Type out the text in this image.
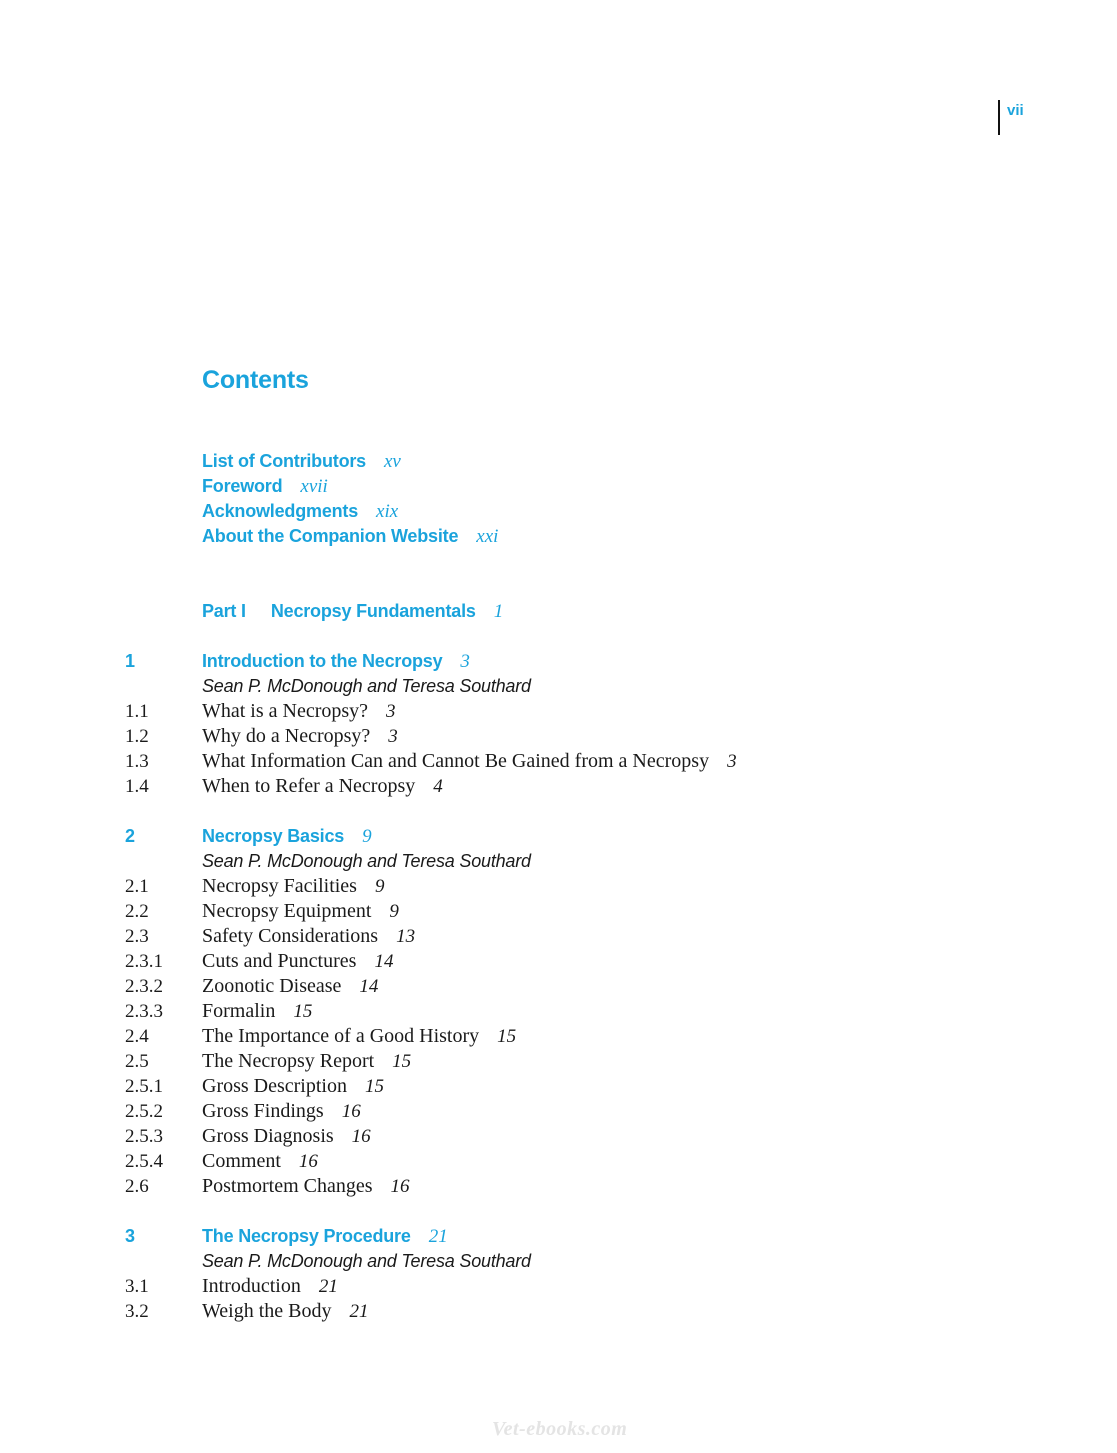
vii
Contents
List of Contributors xv
Foreword xvii
Acknowledgments xix
About the Companion Website xxi
Part I Necropsy Fundamentals 1
1	Introduction to the Necropsy 3
Sean P. McDonough and Teresa Southard
1.1	What is a Necropsy? 3
1.2	Why do a Necropsy? 3
1.3	What Information Can and Cannot Be Gained from a Necropsy 3
1.4	When to Refer a Necropsy 4
2	Necropsy Basics 9
Sean P. McDonough and Teresa Southard
2.1	Necropsy Facilities 9
2.2	Necropsy Equipment 9
2.3	Safety Considerations 13
2.3.1 Cuts and Punctures 14
2.3.2 Zoonotic Disease 14
2.3.3 Formalin 15
2.4	The Importance of a Good History 15
2.5	The Necropsy Report 15
2.5.1 Gross Description 15
2.5.2 Gross Findings 16
2.5.3 Gross Diagnosis 16
2.5.4 Comment 16
2.6	Postmortem Changes 16
3	The Necropsy Procedure 21
Sean P. McDonough and Teresa Southard
3.1	Introduction 21
3.2	Weigh the Body 21
Vet-ebooks.com
